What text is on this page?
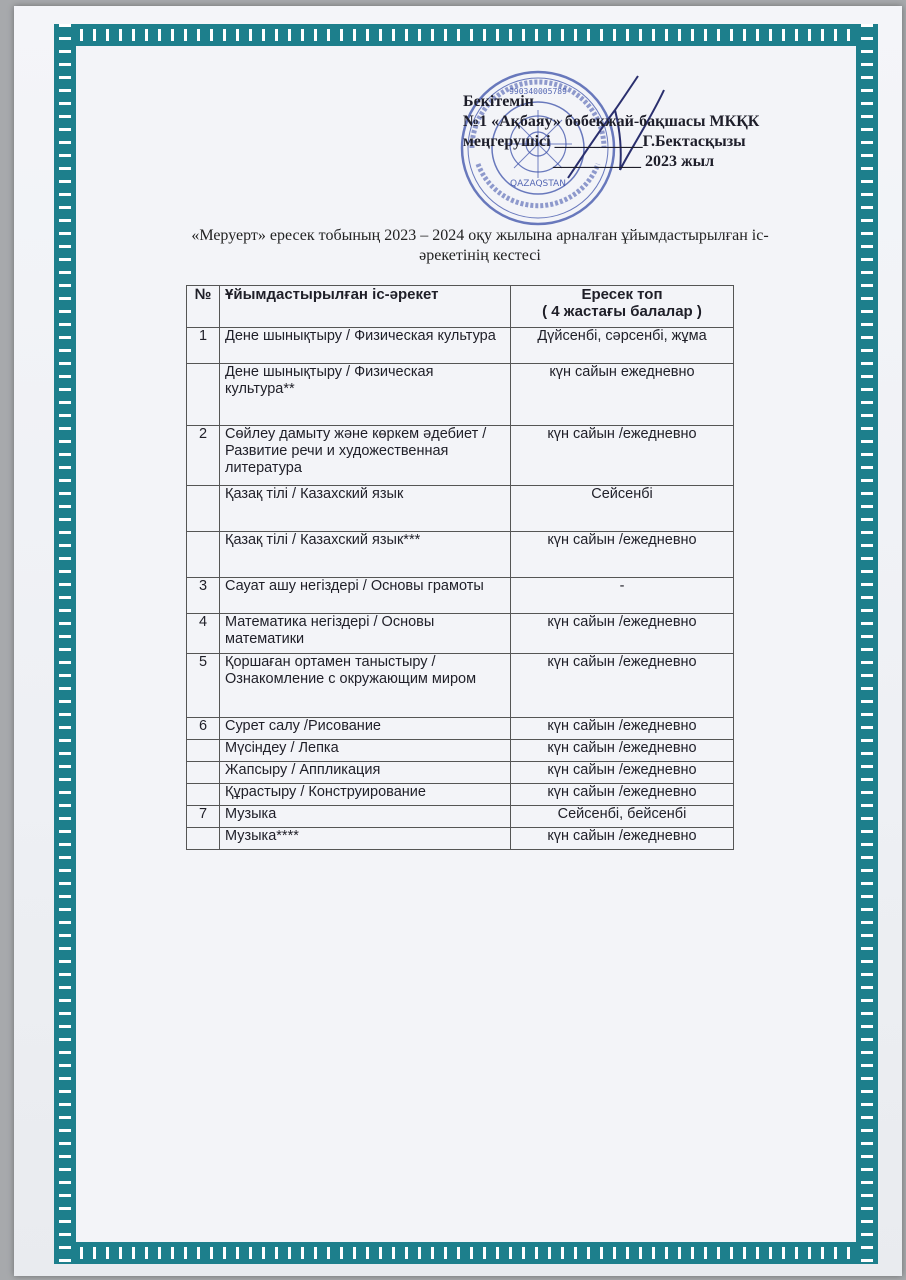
QAZAQSTAN
990340005789
Бекітемін
№1 «Ақбаяу» бөбекжай-бақшасы МКҚК
меңгерушісі ___________Г.Бектасқызы
___________ 2023 жыл
«Меруерт» ересек тобының 2023 – 2024 оқу жылына арналған ұйымдастырылған іс-
әрекетінің кестесі
№	Ұйымдастырылған іс-әрекет	Ересек топ
( 4 жастағы балалар )

1	Дене шынықтыру / Физическая культура	Дүйсенбі, сәрсенбі, жұма
	Дене шынықтыру / Физическая культура**	күн сайын ежедневно
2	Сөйлеу дамыту және көркем әдебиет / Развитие речи и художественная литература	күн сайын /ежедневно
	Қазақ тілі / Казахский язык	Сейсенбі
	Қазақ тілі / Казахский язык***	күн сайын /ежедневно
3	Сауат ашу негіздері / Основы грамоты	-
4	Математика негіздері / Основы математики	күн сайын /ежедневно
5	Қоршаған ортамен таныстыру / Ознакомление с окружающим миром	күн сайын /ежедневно
6	Сурет салу /Рисование	күн сайын /ежедневно
	Мүсіндеу / Лепка	күн сайын /ежедневно
	Жапсыру / Аппликация	күн сайын /ежедневно
	Құрастыру / Конструирование	күн сайын /ежедневно
7	Музыка	Сейсенбі, бейсенбі
	Музыка****	күн сайын /ежедневно
